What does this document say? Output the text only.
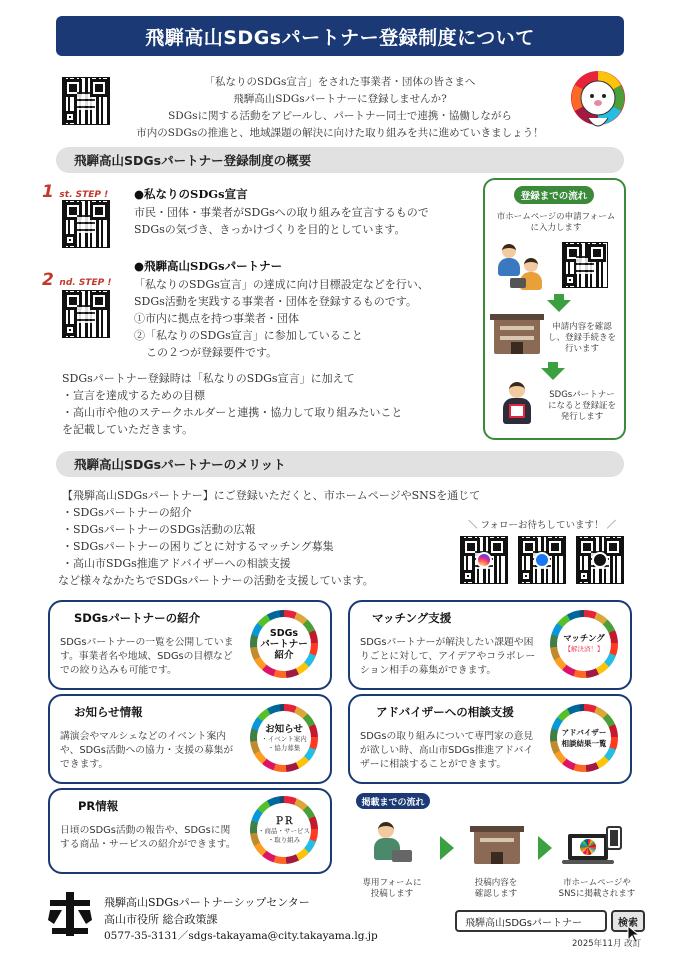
飛騨高山SDGsパートナー登録制度について
「私なりのSDGs宣言」をされた事業者・団体の皆さまへ
飛騨高山SDGsパートナーに登録しませんか?
SDGsに関する活動をアピールし、パートナー同士で連携・協働しながら
市内のSDGsの推進と、地域課題の解決に向けた取り組みを共に進めていきましょう！
飛騨高山SDGsパートナー登録制度の概要
1 st. STEP ! ●私なりのSDGs宣言
市民・団体・事業者がSDGsへの取り組みを宣言するもので
SDGsの気づき、きっかけづくりを目的としています。
2 nd. STEP !
●飛騨高山SDGsパートナー
「私なりのSDGs宣言」の達成に向け目標設定などを行い、
SDGs活動を実践する事業者・団体を登録するものです。
①市内に拠点を持つ事業者・団体
②「私なりのSDGs宣言」に参加していること
この２つが登録要件です。
SDGsパートナー登録時は「私なりのSDGs宣言」に加えて
・宣言を達成するための目標
・高山市や他のステークホルダーと連携・協力して取り組みたいこと
を記載していただきます。
登録までの流れ
市ホームページの申請フォームに入力します
申請内容を確認し、登録手続きを行います
SDGsパートナーになると登録証を発行します
飛騨高山SDGsパートナーのメリット
【飛騨高山SDGsパートナー】にご登録いただくと、市ホームページやSNSを通じて
・SDGsパートナーの紹介
・SDGsパートナーのSDGs活動の広報
・SDGsパートナーの困りごとに対するマッチング募集
・高山市SDGs推進アドバイザーへの相談支援
など様々なかたちでSDGsパートナーの活動を支援しています。
＼ フォローお待ちしています！ ／
SDGsパートナーの紹介
SDGsパートナーの一覧を公開しています。事業者名や地域、SDGsの目標などでの絞り込みも可能です。
SDGs
パートナー
紹介
マッチング支援
SDGsパートナーが解決したい課題や困りごとに対して、アイデアやコラボレーション相手の募集ができます。
マッチング
【解決済！】
お知らせ情報
講演会やマルシェなどのイベント案内や、SDGs活動への協力・支援の募集ができます。
お知らせ
・イベント案内
・協力募集
アドバイザーへの相談支援
SDGsの取り組みについて専門家の意見が欲しい時、高山市SDGs推進アドバイザーに相談することができます。
アドバイザー
相談結果一覧
PR情報
日頃のSDGs活動の報告や、SDGsに関する商品・サービスの紹介ができます。
ＰＲ
・商品・サービス
・取り組み
掲載までの流れ
専用フォームに
投稿します
投稿内容を
確認します
市ホームページや
SNSに掲載されます
飛騨高山SDGsパートナーシップセンター
高山市役所 総合政策課
0577-35-3131／sdgs-takayama@city.takayama.lg.jp
飛騨高山SDGsパートナー	検索
2025年11月 改訂
